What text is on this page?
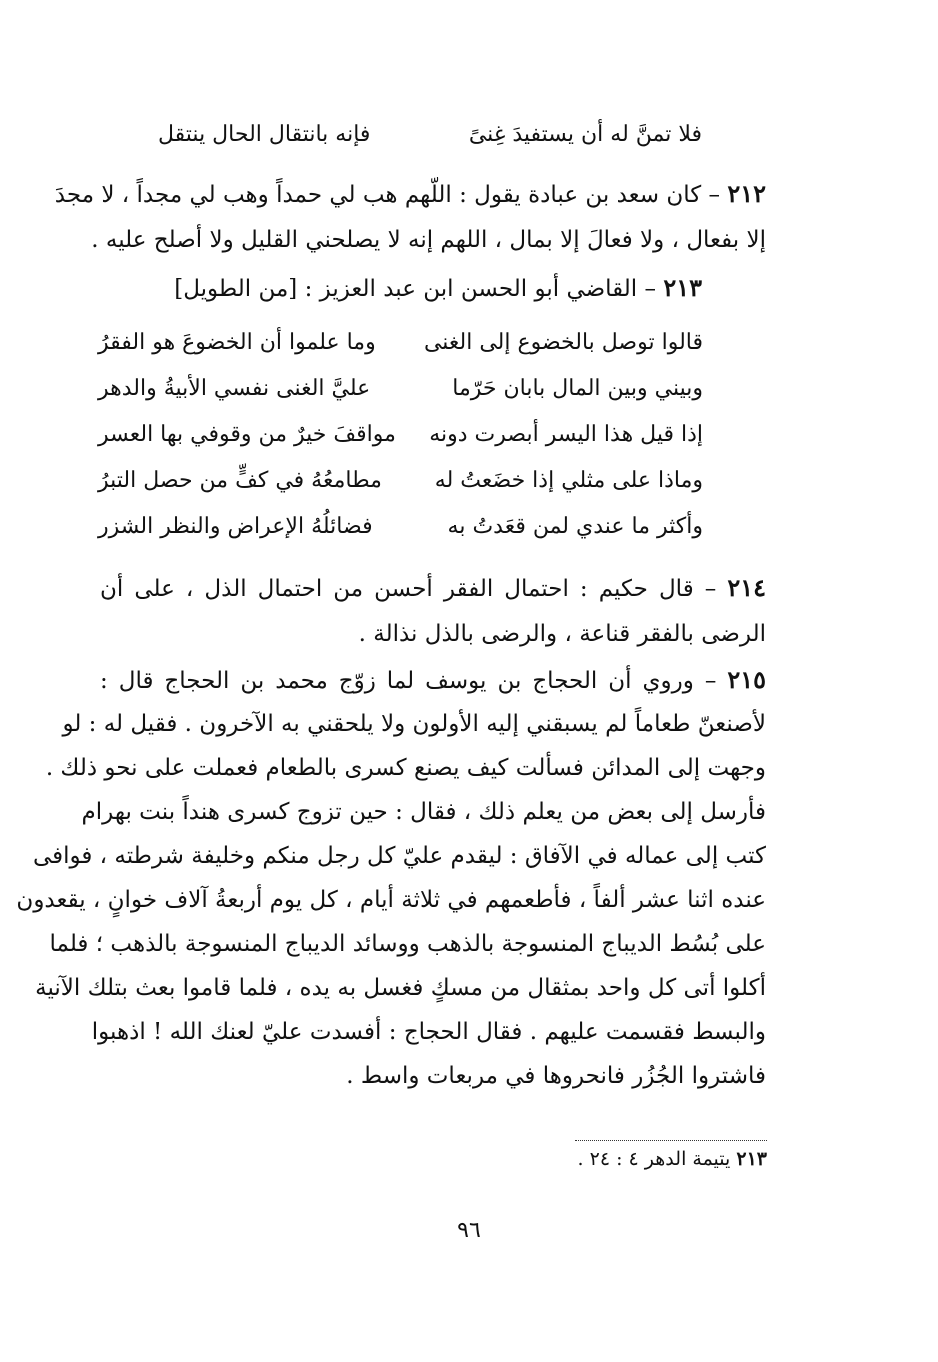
فلا تمنَّ له أن يستفيدَ غِنىً
فإنه بانتقال الحال ينتقل
٢١٢ – كان سعد بن عبادة يقول : اللّهم هب لي حمداً وهب لي مجداً ، لا مجدَ
إلا بفعال ، ولا فعالَ إلا بمال ، اللهم إنه لا يصلحني القليل ولا أصلح عليه .
٢١٣ – القاضي أبو الحسن ابن عبد العزيز : [من الطويل]
قالوا توصل بالخضوع إلى الغنى
وما علموا أن الخضوعَ هو الفقرُ
وبيني وبين المال بابان حَرّما
عليَّ الغنى نفسي الأبيةُ والدهر
إذا قيل هذا اليسر أبصرت دونه
مواقفَ خيرٌ من وقوفي بها العسر
وماذا على مثلي إذا خضَعتُ له
مطامعُهُ في كفٍّ من حصل التبرُ
وأكثر ما عندي لمن قعَدتُ به
فضائلُهُ الإعراض والنظر الشزر
٢١٤ – قال حكيم : احتمال الفقر أحسن من احتمال الذل ، على أن
الرضى بالفقر قناعة ، والرضى بالذل نذالة .
٢١٥ – وروي أن الحجاج بن يوسف لما زوّج محمد بن الحجاج قال :
لأصنعنّ طعاماً لم يسبقني إليه الأولون ولا يلحقني به الآخرون . فقيل له : لو
وجهت إلى المدائن فسألت كيف يصنع كسرى بالطعام فعملت على نحو ذلك .
فأرسل إلى بعض من يعلم ذلك ، فقال : حين تزوج كسرى هنداً بنت بهرام
كتب إلى عماله في الآفاق : ليقدم عليّ كل رجل منكم وخليفة شرطته ، فوافى
عنده اثنا عشر ألفاً ، فأطعمهم في ثلاثة أيام ، كل يوم أربعةُ آلاف خوانٍ ، يقعدون
على بُسُط الديباج المنسوجة بالذهب ووسائد الديباج المنسوجة بالذهب ؛ فلما
أكلوا أتى كل واحد بمثقال من مسكٍ فغسل به يده ، فلما قاموا بعث بتلك الآنية
والبسط فقسمت عليهم . فقال الحجاج : أفسدت عليّ لعنك الله ! اذهبوا
فاشتروا الجُزُر فانحروها في مربعات واسط .
٢١٣ يتيمة الدهر ٤ : ٢٤ .
٩٦
